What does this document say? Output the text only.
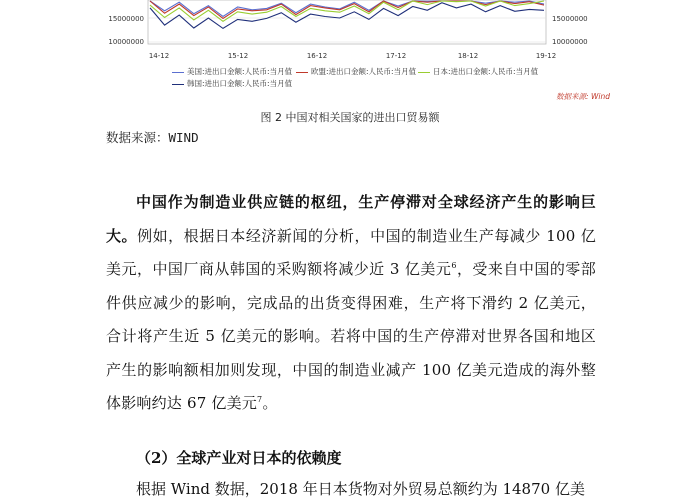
15000000
10000000
15000000
10000000
14-12	15-12	16-12	17-12	18-12	19-12
美国:进出口金额:人民币:当月值	欧盟:进出口金额:人民币:当月值	日本:进出口金额:人民币:当月值
韩国:进出口金额:人民币:当月值
数据来源: Wind
图 2 中国对相关国家的进出口贸易额
数据来源：WIND
中国作为制造业供应链的枢纽，生产停滞对全球经济产生的影响巨大。例如，根据日本经济新闻的分析，中国的制造业生产每减少 100 亿美元，中国厂商从韩国的采购额将减少近 3 亿美元$^6$，受来自中国的零部件供应减少的影响，完成品的出货变得困难，生产将下滑约 2 亿美元，合计将产生近 5 亿美元的影响。若将中国的生产停滞对世界各国和地区产生的影响额相加则发现，中国的制造业减产 100 亿美元造成的海外整体影响约达 67 亿美元$^7$。
（2）全球产业对日本的依赖度
根据 Wind 数据，2018 年日本货物对外贸易总额约为 14870 亿美
